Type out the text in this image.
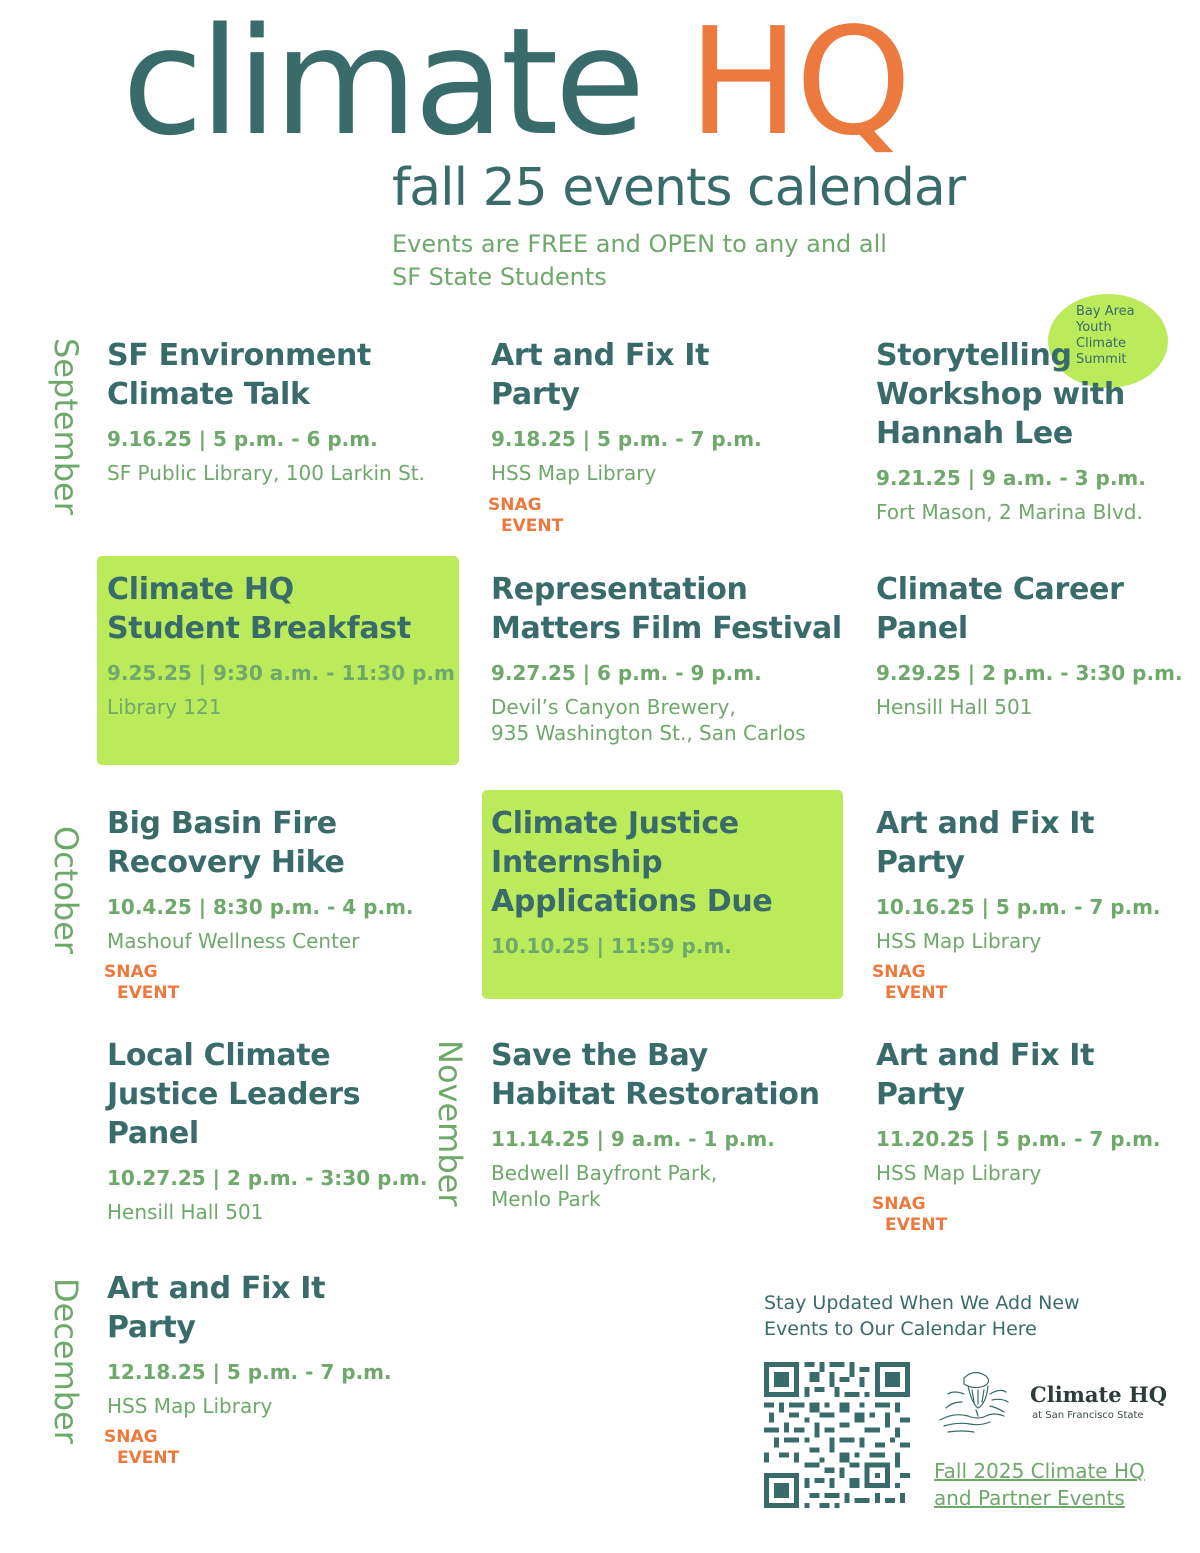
climate HQ
fall 25 events calendar
Events are FREE and OPEN to any and all
SF State Students
September
October
November
December
Bay Area
Youth
Climate
Summit
SF Environment
Climate Talk
9.16.25 | 5 p.m. - 6 p.m.
SF Public Library, 100 Larkin St.
Art and Fix It
Party
9.18.25 | 5 p.m. - 7 p.m.
HSS Map Library
SNAG
EVENT
Storytelling
Workshop with
Hannah Lee
9.21.25 | 9 a.m. - 3 p.m.
Fort Mason, 2 Marina Blvd.
Climate HQ
Student Breakfast
9.25.25 | 9:30 a.m. - 11:30 p.m
Library 121
Representation
Matters Film Festival
9.27.25 | 6 p.m. - 9 p.m.
Devil’s Canyon Brewery,
935 Washington St., San Carlos
Climate Career
Panel
9.29.25 | 2 p.m. - 3:30 p.m.
Hensill Hall 501
Big Basin Fire
Recovery Hike
10.4.25 | 8:30 p.m. - 4 p.m.
Mashouf Wellness Center
SNAG
EVENT
Climate Justice
Internship
Applications Due
10.10.25 | 11:59 p.m.
Art and Fix It
Party
10.16.25 | 5 p.m. - 7 p.m.
HSS Map Library
SNAG
EVENT
Local Climate
Justice Leaders
Panel
10.27.25 | 2 p.m. - 3:30 p.m.
Hensill Hall 501
Save the Bay
Habitat Restoration
11.14.25 | 9 a.m. - 1 p.m.
Bedwell Bayfront Park,
Menlo Park
Art and Fix It
Party
11.20.25 | 5 p.m. - 7 p.m.
HSS Map Library
SNAG
EVENT
Art and Fix It
Party
12.18.25 | 5 p.m. - 7 p.m.
HSS Map Library
SNAG
EVENT
Stay Updated When We Add New
Events to Our Calendar Here
Climate HQ
at San Francisco State
Fall 2025 Climate HQ
and Partner Events
